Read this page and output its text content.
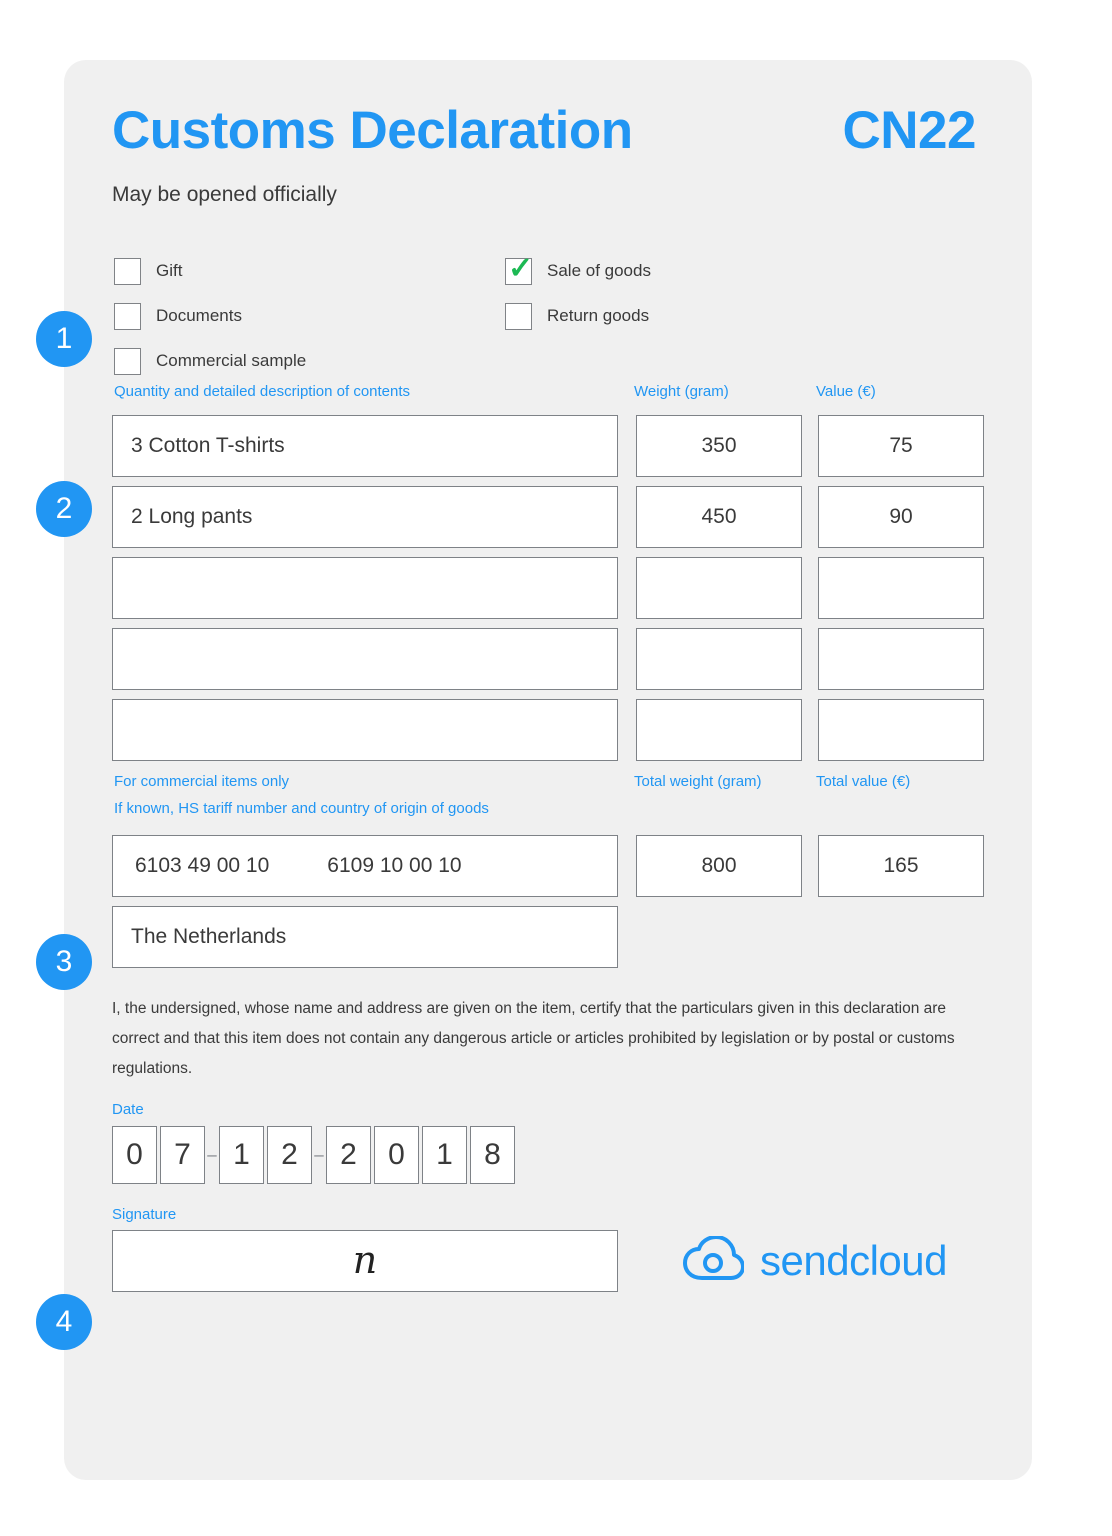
Customs Declaration	CN22
May be opened officially
Gift
Documents
Commercial sample
✓ Sale of goods
Return goods
Quantity and detailed description of contents	Weight (gram)	Value (€)
3 Cotton T-shirts	350	75
2 Long pants	450	90
For commercial items only
If known, HS tariff number and country of origin of goods
Total weight (gram)	Total value (€)
6103 49 00 10	6109 10 00 10	800	165
The Netherlands
I, the undersigned, whose name and address are given on the item, certify that the particulars given in this declaration are correct and that this item does not contain any dangerous article or articles prohibited by legislation or by postal or customs regulations.
Date
0	7 – 1	2 – 2	0	1	8
Signature
n	sendcloud
1
2
3
4
